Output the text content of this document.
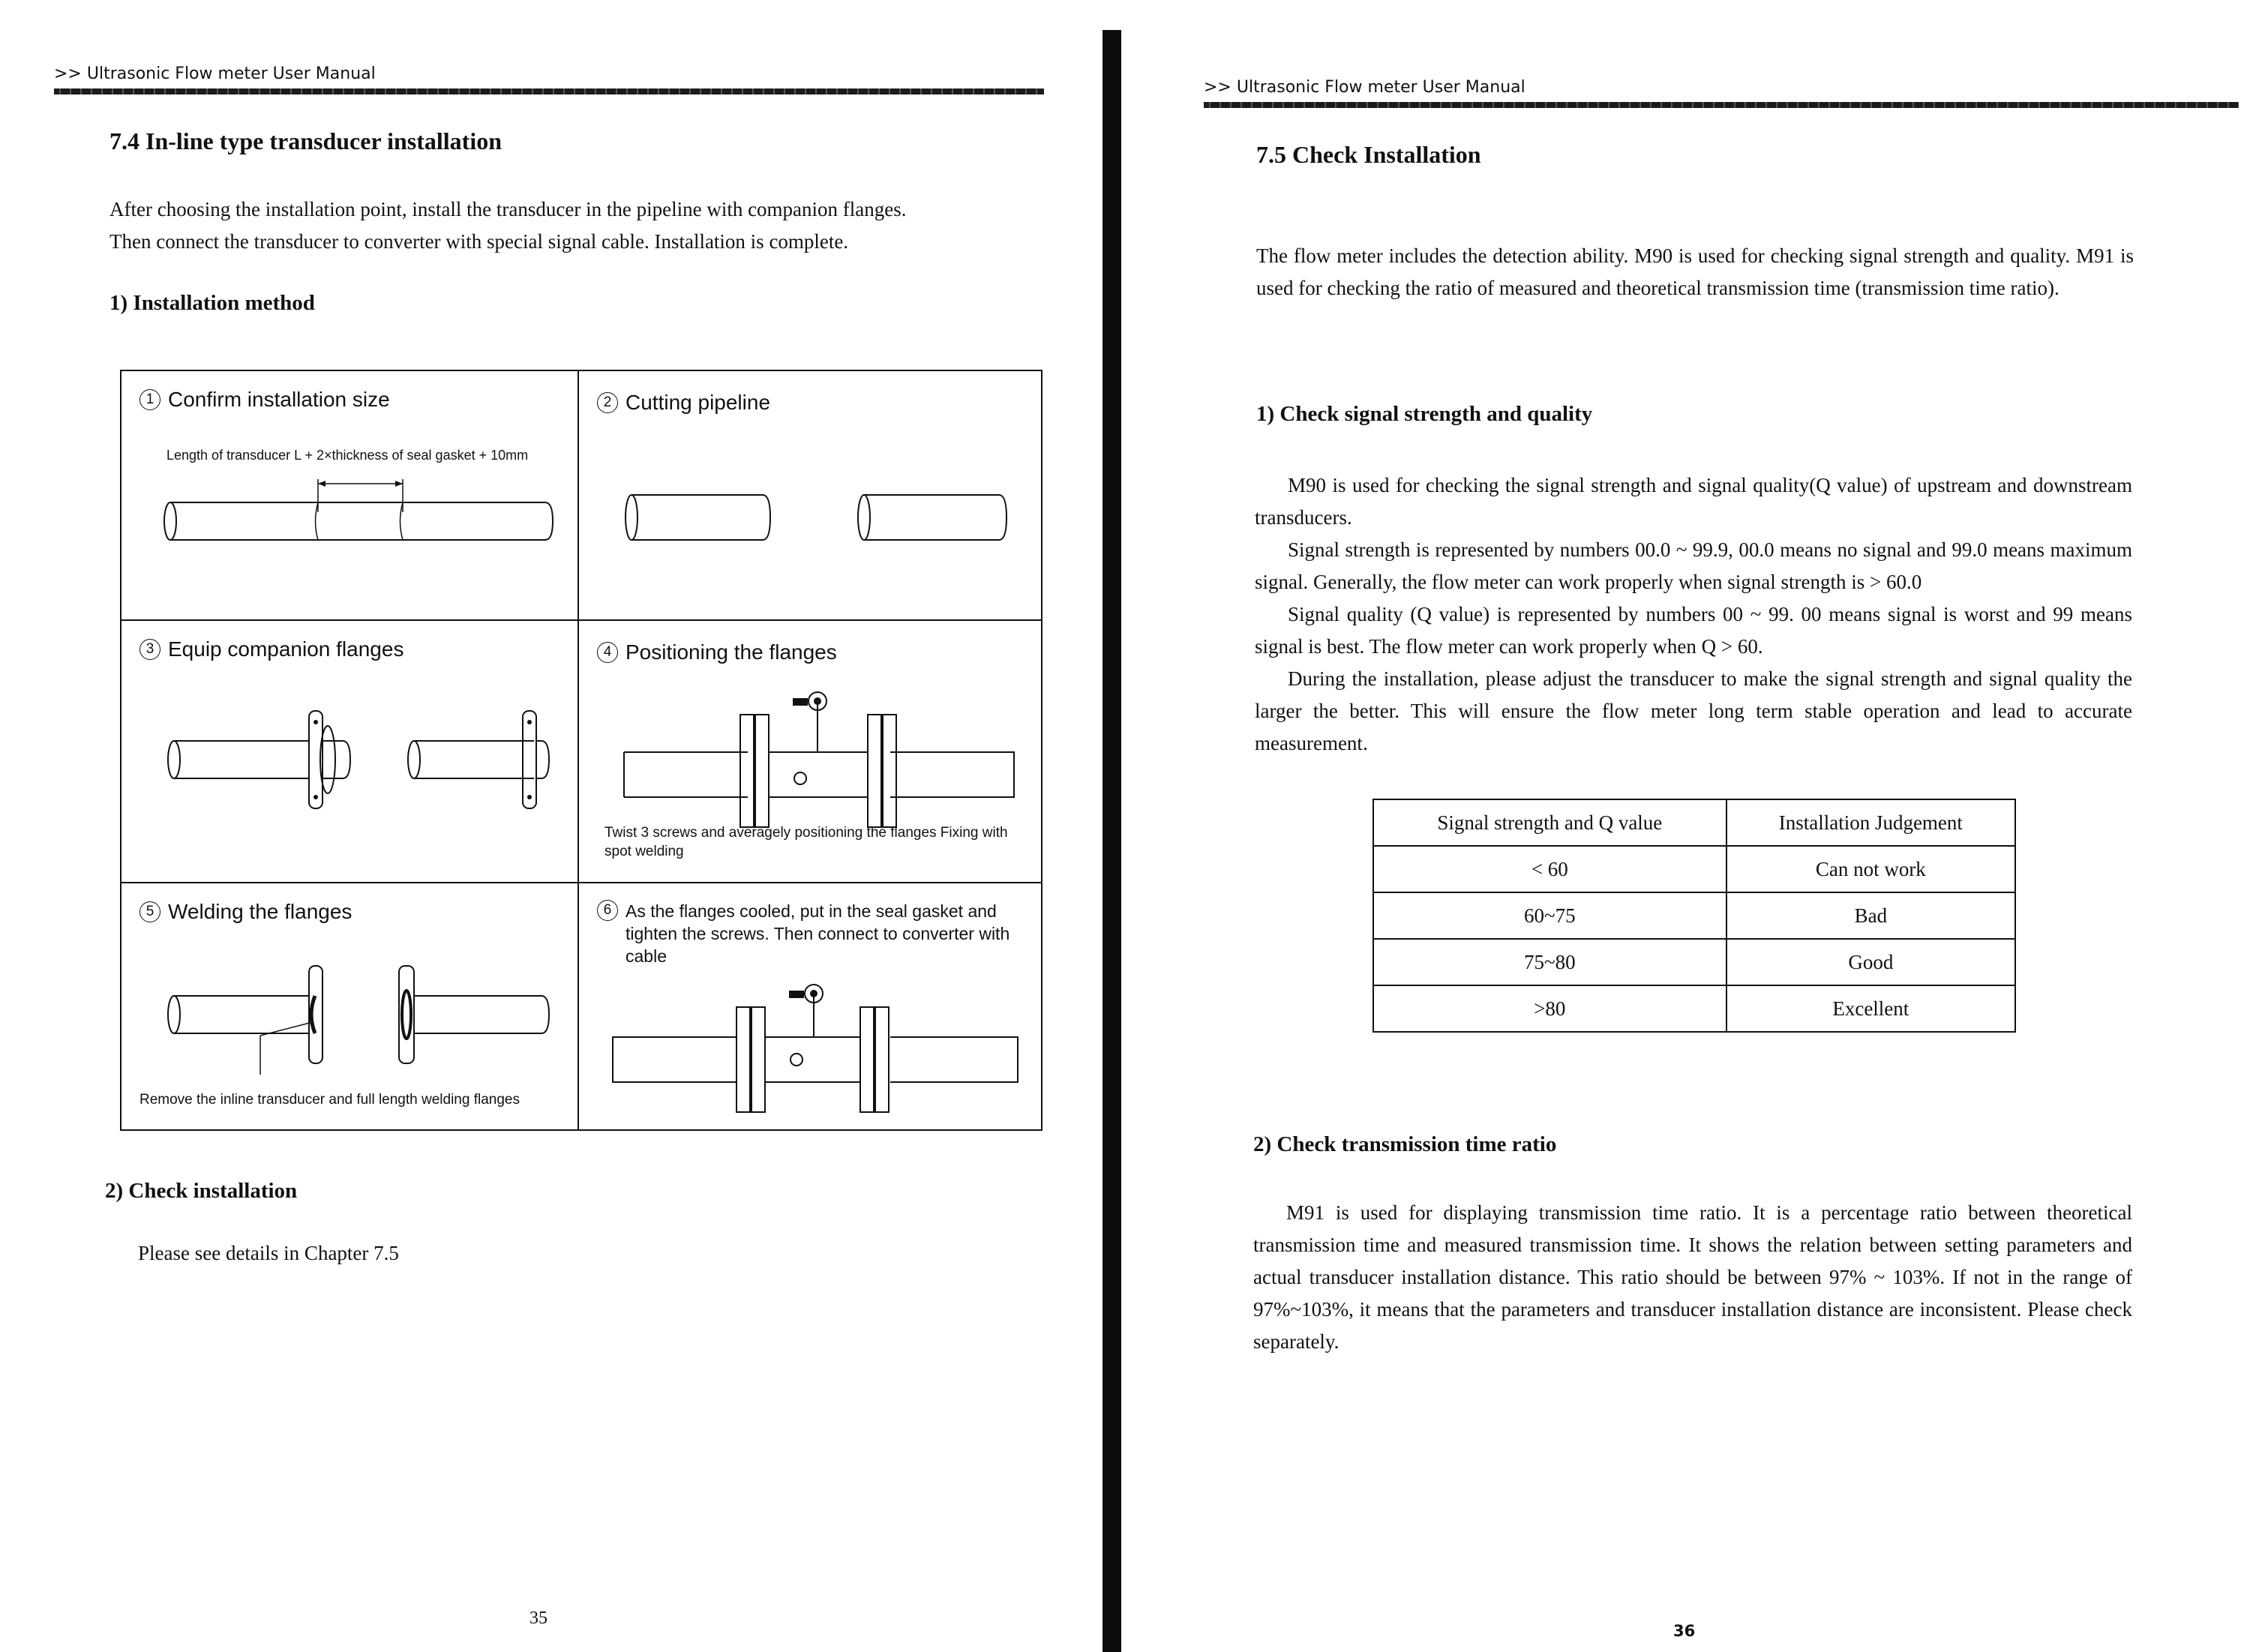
>> Ultrasonic Flow meter User Manual
7.4 In-line type transducer installation
After choosing the installation point, install the transducer in the pipeline with companion flanges.
Then connect the transducer to converter with special signal cable. Installation is complete.
1) Installation method
1 Confirm installation size
Length of transducer L + 2×thickness of seal gasket + 10mm
2 Cutting pipeline
3 Equip companion flanges	4 Positioning the flanges
Twist 3 screws and averagely positioning the flanges Fixing with spot welding
5 Welding the flanges
Remove the inline transducer and full length welding flanges
6 As the flanges cooled, put in the seal gasket and tighten the screws. Then connect to converter with cable
2) Check installation
Please see details in Chapter 7.5
35
>> Ultrasonic Flow meter User Manual
7.5 Check Installation
The flow meter includes the detection ability. M90 is used for checking signal strength and quality. M91 is used for checking the ratio of measured and theoretical transmission time (transmission time ratio).
1) Check signal strength and quality
M90 is used for checking the signal strength and signal quality(Q value) of upstream and downstream transducers.
Signal strength is represented by numbers 00.0 ~ 99.9, 00.0 means no signal and 99.0 means maximum signal. Generally, the flow meter can work properly when signal strength is > 60.0
Signal quality (Q value) is represented by numbers 00 ~ 99. 00 means signal is worst and 99 means signal is best. The flow meter can work properly when Q > 60.
During the installation, please adjust the transducer to make the signal strength and signal quality the larger the better. This will ensure the flow meter long term stable operation and lead to accurate measurement.
Signal strength and Q value	Installation Judgement
< 60	Can not work
60~75	Bad
75~80	Good
>80	Excellent
2) Check transmission time ratio
M91 is used for displaying transmission time ratio. It is a percentage ratio between theoretical transmission time and measured transmission time. It shows the relation between setting parameters and actual transducer installation distance. This ratio should be between 97% ~ 103%. If not in the range of 97%~103%, it means that the parameters and transducer installation distance are inconsistent. Please check separately.
36
